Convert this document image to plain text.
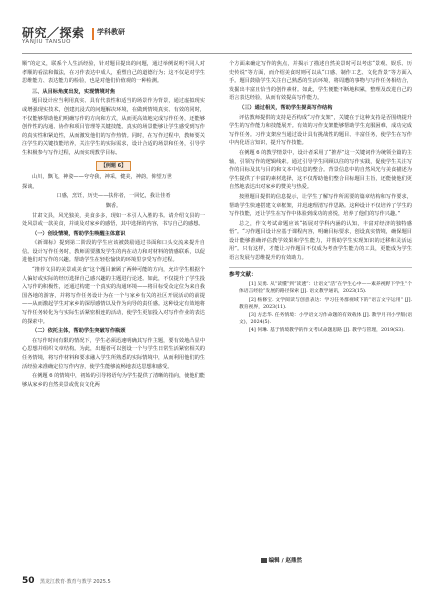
研究／探索
YANJIU TANSUO
学科教研

顺”的定义，联系个人生活经验，针对题目提出的问题，通过举例说明不同人对孝顺的看法和做法，在习作表达中成人，重塑自己的道德行为；这不仅是对学生思维能力、表达能力的检验，也是对他们价值观的一种检测。

三、从目标角度出发，实现情境对焦

题目设计应当利用真实、具有代表性和适当的场景作为背景，通过虚拟现实或增强现实技术，创建沉浸式的问题解决环境，在做到情境真实、有效的同时，不仅能够帮助他们明确写作的方向和方式，从而更高效地完成写作任务，还能够创作性的沟通、协作和项目管理等关键技能。真实的场景能够让学生感受到写作的真实性和紧迫性，从而激发他们的写作热情。同时，在写作过程中，教师要关注学生的关键技能培养，关注学生的实际需求，设计合适的场景和任务，引导学生积极参与写作过程，从而实现教学目标。

【例题 6】

山川，飘飞，神姿——夸夸我，神采，健美，神韵，仰望万世

探谈。

口感，烹饪，历史——扶你者，一回忆，我让佳肴

飘香。

甘肃文县，风光独美，美食多多，现如一本引人入胜的书。请介绍文县的一处风景或一款美食，并谈及对家乡的感悟，其中选择的内容，书写自己的感想。

（一）创设情境，帮助学生唤醒主体意识

《新课标》提到第二阶段的学生应该被鼓励通过书面和口头交流来提升自信。设计写作任务时，教师需要激发学生的内在动力和对材料的情感联系，以促进他们对写作的兴趣。帮助学生在轻松愉快的环境里享受写作过程。

“推荐文县的美景或美食”这个题目兼顾了两种可能的方向，允许学生根据个人偏好或实际的经历选择自己感兴趣的主题进行论述。如此，不仅提升了学生投入写作的积极性，还通过构建一个真实的沟通环境——将目标受众定位为来自我国各地的游客，并将写作任务设计为在一个与家乡有关的社区开展活动的前提——从而激起学生对家乡的深厚感情以及作为向导的责任感。这种设定有效地将写作任务转化为与实际生活紧密相连的活动，使学生更加投入对写作作业的表达的探索中。

（二）依托主体，帮助学生突破写作瓶颈

在写作时间有限的情况下，学生必须迅速明确其写作主题，要有效地凸显中心思想并组织文章结构。为此，出题者可以创设一个与学生日常生活紧密相关的任务情境，将写作材料和要求融入学生所熟悉的实际情境中，从而利用他们的生活经验来准确定位写作内容，使学生能够流畅地表达思想和感受。

在例题 6 的情境中，初始的引导将语句为学生提供了清晰的指向，使他们能够从家乡的自然美景或优良文化两

个方面来确定写作的焦点，并揭示了描述自然美景时可以考虑“景观、娱乐、历史传说”等方面，而介绍美食时则可以从“口感、制作工艺、文化背景”等方面入手。题目鼓励学生关注自己熟悉的生活环境，将周遭的事物与写作任务相结合，发掘出丰富且恰当的创作素材。如此，学生便能不断地积累，整理及改进自己的语言表达经验，从而有效提高写作能力。

（三）通过相关，帮助学生提高写作结构

评估教师提供的支持是否构成“习作支架”，关键在于这种支持是否围绕提升学生的写作能力和技能展开。有效的习作支架能够帮助学生克服困难，成功完成写作任务。习作支架应当通过设计具有挑战性的题目、丰富任务，使学生在写作中内化语言知识，提升写作技能。

在例题 6 的教学情景中，设计者采用了“推荐”这一关键词作为统领全篇的主轴，引领写作的逻辑线索。通过引导学生回顾以往的写作实践，促使学生关注写作的目标及其与目的和文本中信息的整合。背景信息中的自然风光与美食描述为学生提供了丰富的素材选择，这不仅帮助他们整合目标题目主旨，还能使他们更自然地表达出对家乡的赞美与热爱。

按照题目提供的信息提示，让学生了解写作所需要的篇章结构和写作要求，帮助学生快速搭建文章框架，并迅速理清写作思路。这种设计不仅培养了学生的写作技能，还让学生在写作中体验到成功的喜悦，培养了他们的写作兴趣。”

总之，作文考试命题应该“拓展对学科内涵的认知，丰富对经济的独特感悟”。“习作题目设计应基于课程内容，明确目标要求，创设真实情境，确保题目设计能够准确评估教学效果和学生能力，并帮助学生实现知识的迁移和灵活运用”。只有这样，才能让习作题目不仅成为考查学生能力的工具，更能成为学生语言发展与思维提升的有效助力。

参考文献：

[1] 吴勇. 从“读懂”到“读透”：让语文“活”在学生心中——素养视野下学生“个体语言经验”发展的路径探索 [J]. 语文教学通讯，2023(15).

[2] 杨修宝. 文学阅读与创意表达：学习任务群视域下的“语言文字运用” [J]. 教育视界，2023(11).

[3] 方忠华. 任务情境：小学语文习作命题的有效载体 [J]. 教学月刊小学版(语文)，2024(5).

[4] 何琳. 基于情境教学的作文考试命题思路 [J]. 教学与管理，2019(S3).

编辑 / 赵鼎然
50 黑龙江教育·教育与教学 2025.5
